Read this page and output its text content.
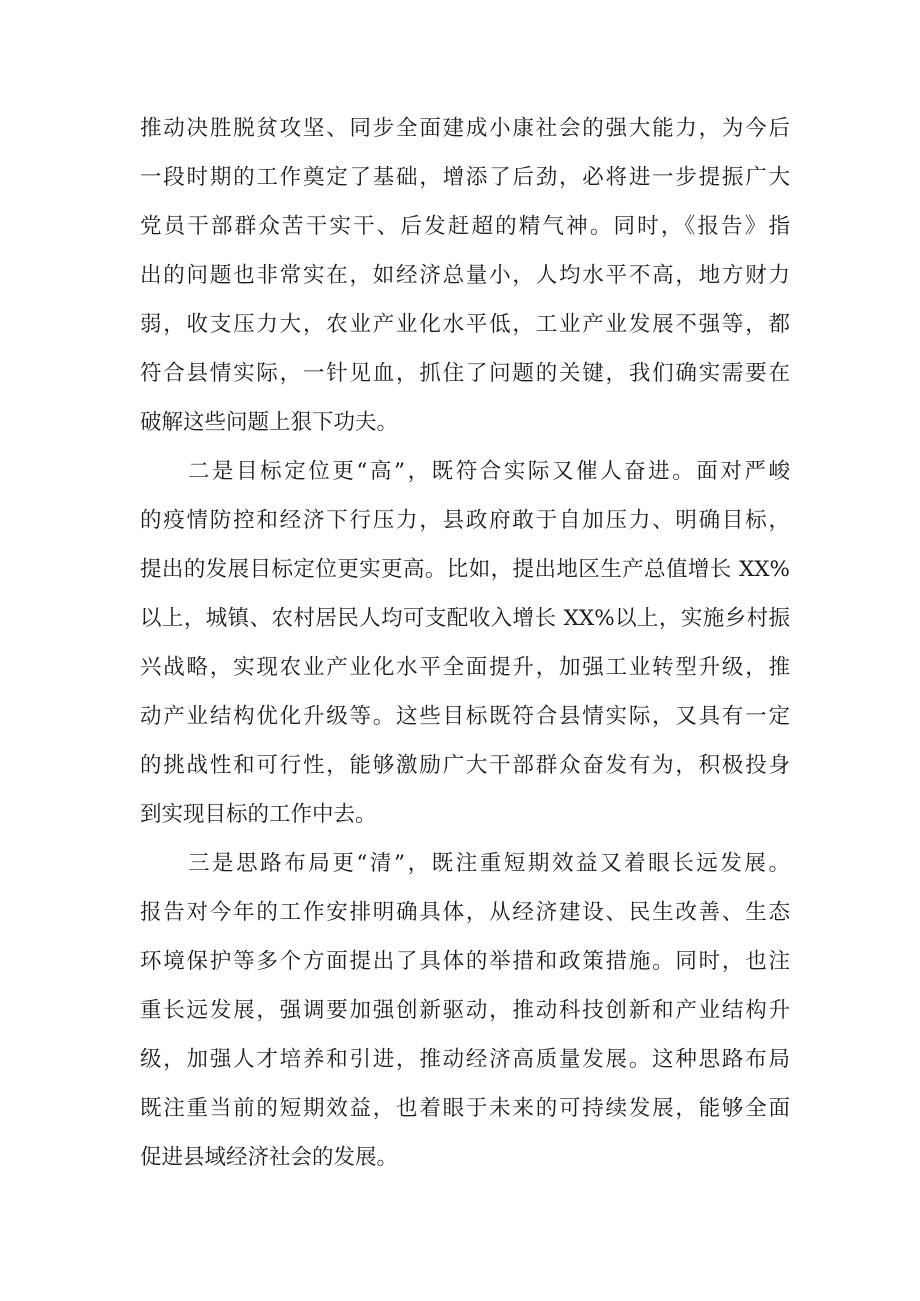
推动决胜脱贫攻坚、同步全面建成小康社会的强大能力，为今后
一段时期的工作奠定了基础，增添了后劲，必将进一步提振广大
党员干部群众苦干实干、后发赶超的精气神。同时，《报告》指
出的问题也非常实在，如经济总量小，人均水平不高，地方财力
弱，收支压力大，农业产业化水平低，工业产业发展不强等，都
符合县情实际，一针见血，抓住了问题的关键，我们确实需要在
破解这些问题上狠下功夫。
二是目标定位更“高”，既符合实际又催人奋进。面对严峻
的疫情防控和经济下行压力，县政府敢于自加压力、明确目标，
提出的发展目标定位更实更高。比如，提出地区生产总值增长 XX%
以上，城镇、农村居民人均可支配收入增长 XX%以上，实施乡村振
兴战略，实现农业产业化水平全面提升，加强工业转型升级，推
动产业结构优化升级等。这些目标既符合县情实际，又具有一定
的挑战性和可行性，能够激励广大干部群众奋发有为，积极投身
到实现目标的工作中去。
三是思路布局更“清”，既注重短期效益又着眼长远发展。
报告对今年的工作安排明确具体，从经济建设、民生改善、生态
环境保护等多个方面提出了具体的举措和政策措施。同时，也注
重长远发展，强调要加强创新驱动，推动科技创新和产业结构升
级，加强人才培养和引进，推动经济高质量发展。这种思路布局
既注重当前的短期效益，也着眼于未来的可持续发展，能够全面
促进县域经济社会的发展。
